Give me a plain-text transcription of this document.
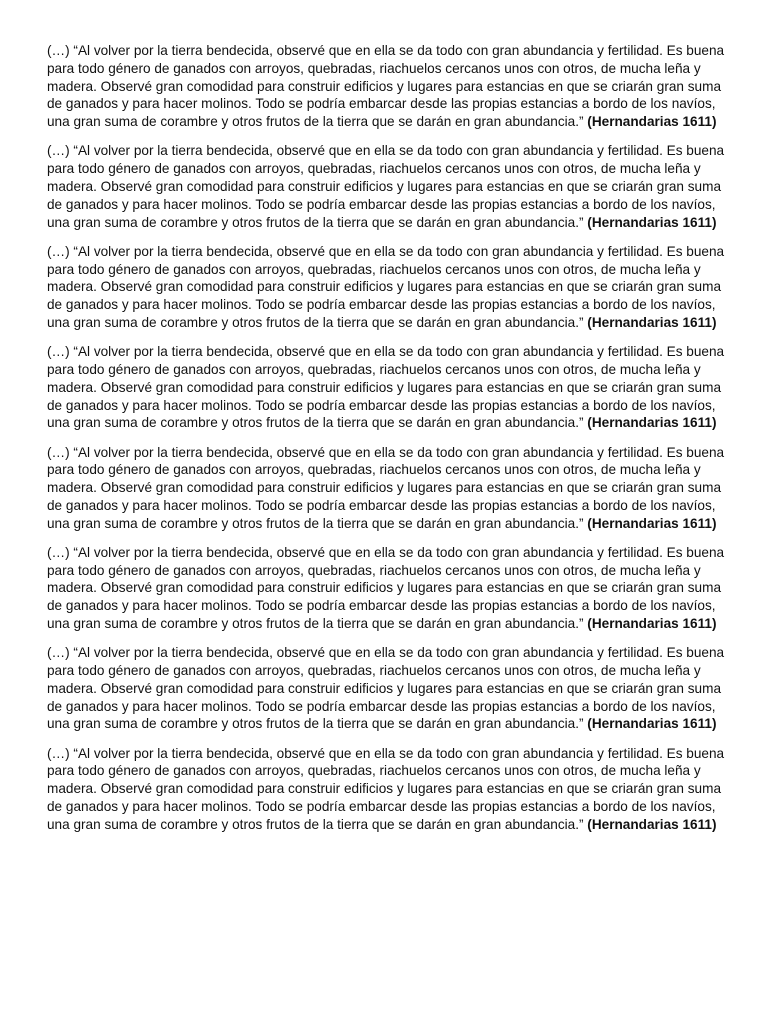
(…) “Al volver por la tierra bendecida, observé que en ella se da todo con gran abundancia y fertilidad. Es buena para todo género de ganados con arroyos, quebradas, riachuelos cercanos unos con otros, de mucha leña y madera. Observé gran comodidad para construir edificios y lugares para estancias en que se criarán gran suma de ganados y para hacer molinos. Todo se podría embarcar desde las propias estancias a bordo de los navíos, una gran suma de corambre y otros frutos de la tierra que se darán en gran abundancia.” (Hernandarias 1611)

(…) “Al volver por la tierra bendecida, observé que en ella se da todo con gran abundancia y fertilidad. Es buena para todo género de ganados con arroyos, quebradas, riachuelos cercanos unos con otros, de mucha leña y madera. Observé gran comodidad para construir edificios y lugares para estancias en que se criarán gran suma de ganados y para hacer molinos. Todo se podría embarcar desde las propias estancias a bordo de los navíos, una gran suma de corambre y otros frutos de la tierra que se darán en gran abundancia.” (Hernandarias 1611)

(…) “Al volver por la tierra bendecida, observé que en ella se da todo con gran abundancia y fertilidad. Es buena para todo género de ganados con arroyos, quebradas, riachuelos cercanos unos con otros, de mucha leña y madera. Observé gran comodidad para construir edificios y lugares para estancias en que se criarán gran suma de ganados y para hacer molinos. Todo se podría embarcar desde las propias estancias a bordo de los navíos, una gran suma de corambre y otros frutos de la tierra que se darán en gran abundancia.” (Hernandarias 1611)

(…) “Al volver por la tierra bendecida, observé que en ella se da todo con gran abundancia y fertilidad. Es buena para todo género de ganados con arroyos, quebradas, riachuelos cercanos unos con otros, de mucha leña y madera. Observé gran comodidad para construir edificios y lugares para estancias en que se criarán gran suma de ganados y para hacer molinos. Todo se podría embarcar desde las propias estancias a bordo de los navíos, una gran suma de corambre y otros frutos de la tierra que se darán en gran abundancia.” (Hernandarias 1611)

(…) “Al volver por la tierra bendecida, observé que en ella se da todo con gran abundancia y fertilidad. Es buena para todo género de ganados con arroyos, quebradas, riachuelos cercanos unos con otros, de mucha leña y madera. Observé gran comodidad para construir edificios y lugares para estancias en que se criarán gran suma de ganados y para hacer molinos. Todo se podría embarcar desde las propias estancias a bordo de los navíos, una gran suma de corambre y otros frutos de la tierra que se darán en gran abundancia.” (Hernandarias 1611)

(…) “Al volver por la tierra bendecida, observé que en ella se da todo con gran abundancia y fertilidad. Es buena para todo género de ganados con arroyos, quebradas, riachuelos cercanos unos con otros, de mucha leña y madera. Observé gran comodidad para construir edificios y lugares para estancias en que se criarán gran suma de ganados y para hacer molinos. Todo se podría embarcar desde las propias estancias a bordo de los navíos, una gran suma de corambre y otros frutos de la tierra que se darán en gran abundancia.” (Hernandarias 1611)

(…) “Al volver por la tierra bendecida, observé que en ella se da todo con gran abundancia y fertilidad. Es buena para todo género de ganados con arroyos, quebradas, riachuelos cercanos unos con otros, de mucha leña y madera. Observé gran comodidad para construir edificios y lugares para estancias en que se criarán gran suma de ganados y para hacer molinos. Todo se podría embarcar desde las propias estancias a bordo de los navíos, una gran suma de corambre y otros frutos de la tierra que se darán en gran abundancia.” (Hernandarias 1611)

(…) “Al volver por la tierra bendecida, observé que en ella se da todo con gran abundancia y fertilidad. Es buena para todo género de ganados con arroyos, quebradas, riachuelos cercanos unos con otros, de mucha leña y madera. Observé gran comodidad para construir edificios y lugares para estancias en que se criarán gran suma de ganados y para hacer molinos. Todo se podría embarcar desde las propias estancias a bordo de los navíos, una gran suma de corambre y otros frutos de la tierra que se darán en gran abundancia.” (Hernandarias 1611)
